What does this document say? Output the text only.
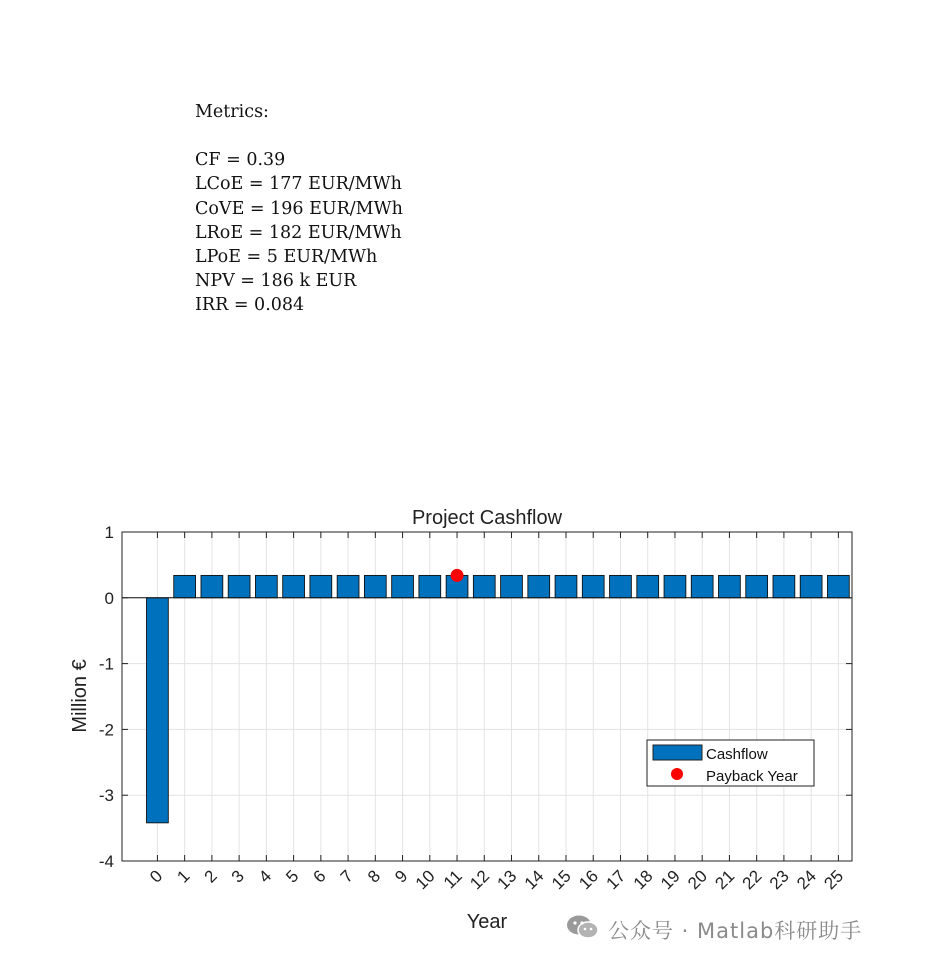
Metrics:
CF = 0.39
LCoE = 177 EUR/MWh
CoVE = 196 EUR/MWh
LRoE = 182 EUR/MWh
LPoE = 5 EUR/MWh
NPV = 186 k EUR
IRR = 0.084
Project Cashflow
-4
-3
-2
-1
0
1
0 1 2 3 4 5 6 7 8 9 10 11 12 13 14 15 16 17 18 19 20 21 22 23 24 25
Year
Million €
Cashflow
Payback Year
公众号 · Matlab科研助手
